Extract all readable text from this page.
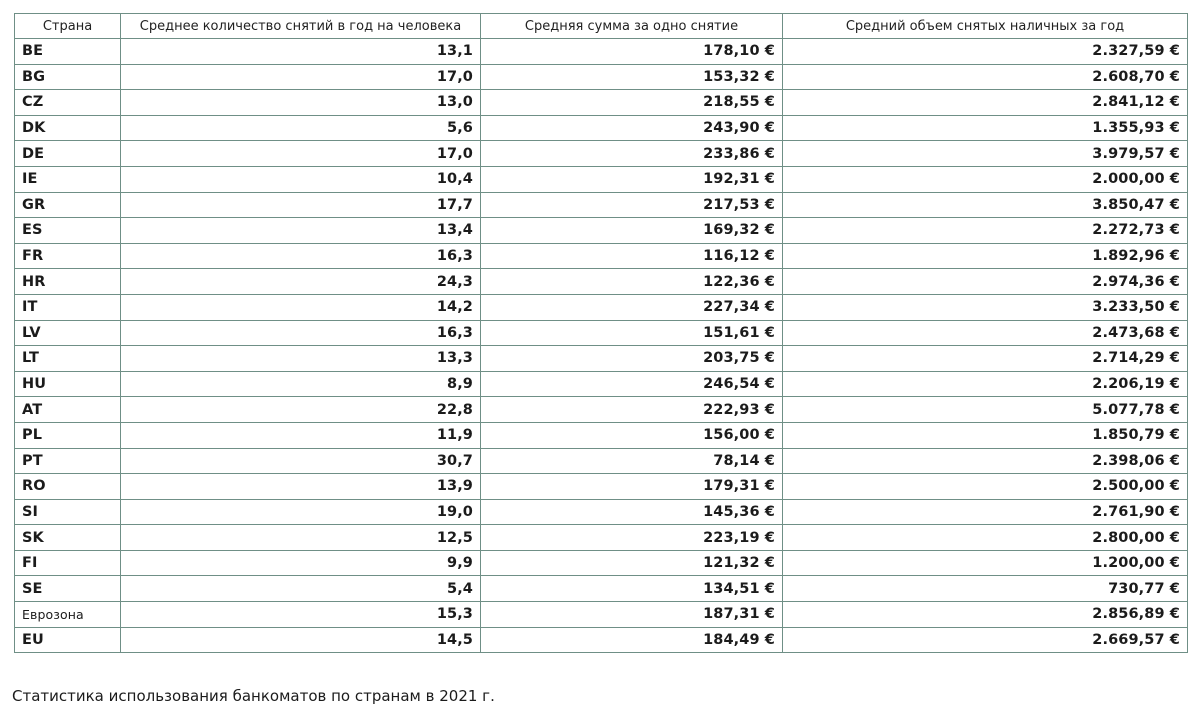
Страна	Среднее количество снятий в год на человека	Средняя сумма за одно снятие	Средний объем снятых наличных за год
BE	13,1	178,10 €	2.327,59 €
BG	17,0	153,32 €	2.608,70 €
CZ	13,0	218,55 €	2.841,12 €
DK	5,6	243,90 €	1.355,93 €
DE	17,0	233,86 €	3.979,57 €
IE	10,4	192,31 €	2.000,00 €
GR	17,7	217,53 €	3.850,47 €
ES	13,4	169,32 €	2.272,73 €
FR	16,3	116,12 €	1.892,96 €
HR	24,3	122,36 €	2.974,36 €
IT	14,2	227,34 €	3.233,50 €
LV	16,3	151,61 €	2.473,68 €
LT	13,3	203,75 €	2.714,29 €
HU	8,9	246,54 €	2.206,19 €
AT	22,8	222,93 €	5.077,78 €
PL	11,9	156,00 €	1.850,79 €
PT	30,7	78,14 €	2.398,06 €
RO	13,9	179,31 €	2.500,00 €
SI	19,0	145,36 €	2.761,90 €
SK	12,5	223,19 €	2.800,00 €
FI	9,9	121,32 €	1.200,00 €
SE	5,4	134,51 €	730,77 €
Еврозона	15,3	187,31 €	2.856,89 €
EU	14,5	184,49 €	2.669,57 €
Статистика использования банкоматов по странам в 2021 г.
